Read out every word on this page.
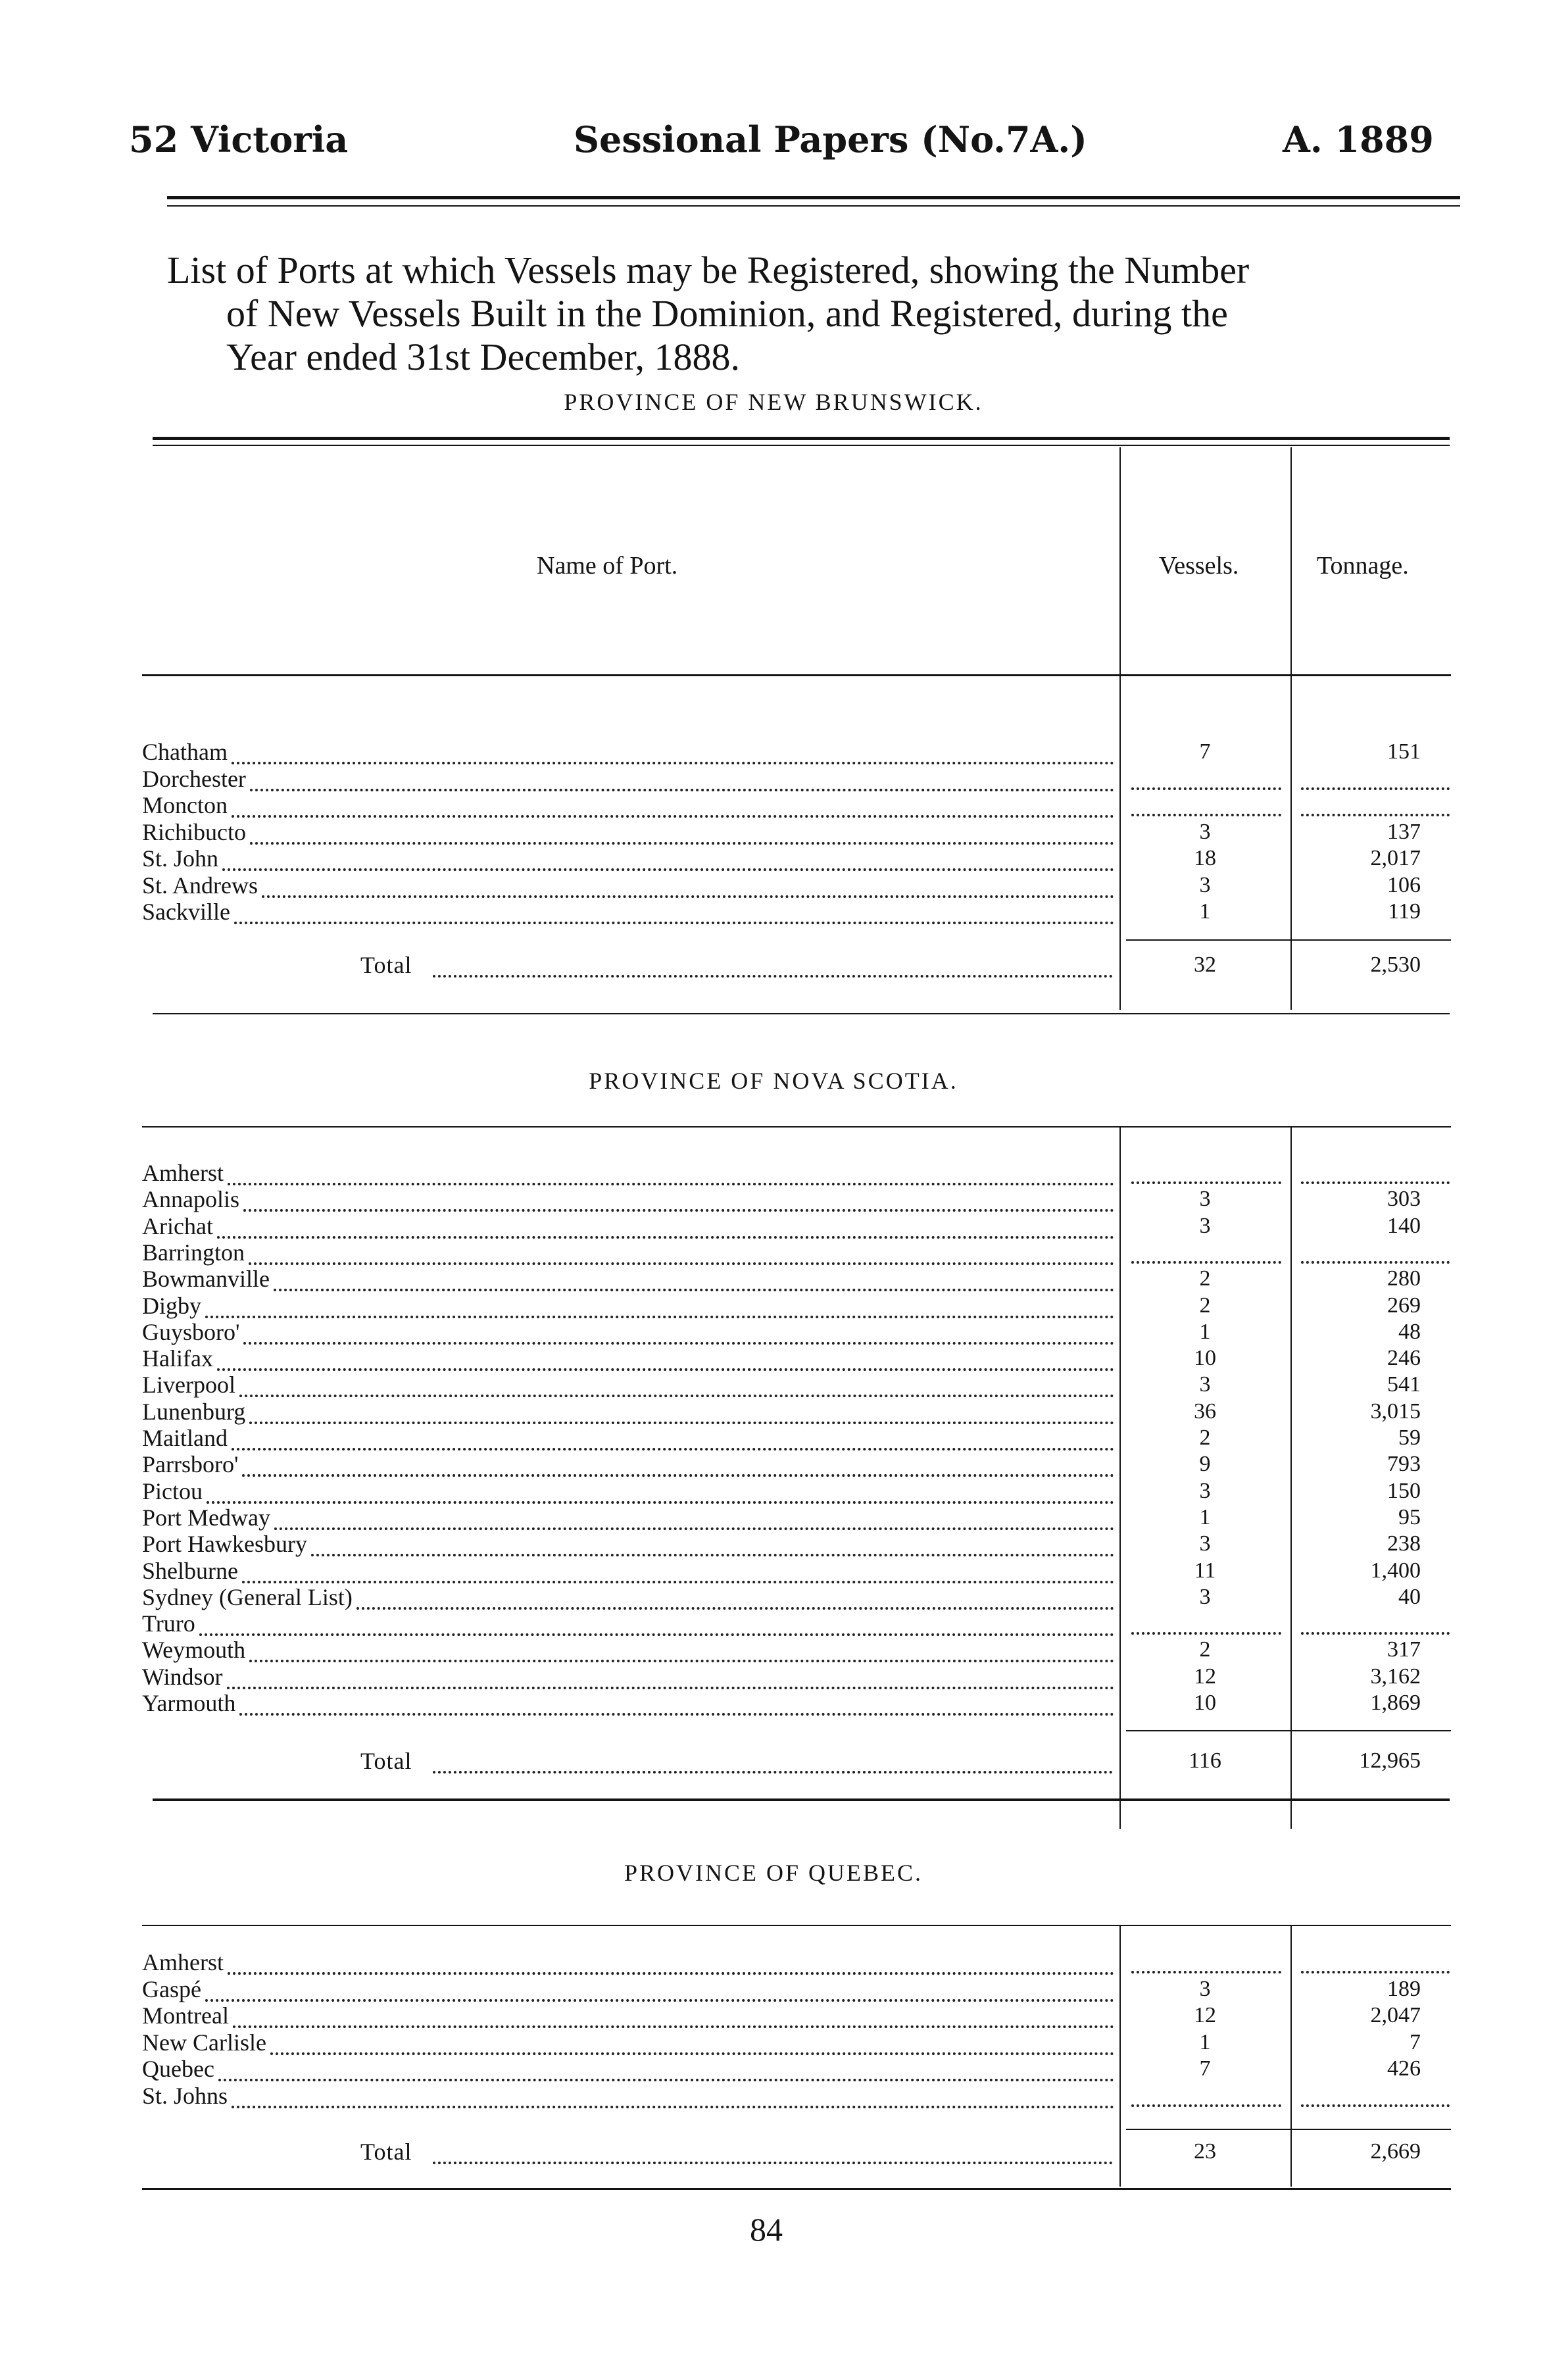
52 Victoria	Sessional Papers (No.7A.)	A. 1889
List of Ports at which Vessels may be Registered, showing the Number
of New Vessels Built in the Dominion, and Registered, during the
Year ended 31st December, 1888.
PROVINCE OF NEW BRUNSWICK.
Name of Port.	Vessels.	Tonnage.
Chatham	7	151
Dorchester
Moncton
Richibucto	3	137
St. John	18	2,017
St. Andrews	3	106
Sackville	1	119
Total	32	2,530
PROVINCE OF NOVA SCOTIA.
Amherst
Annapolis	3	303
Arichat	3	140
Barrington
Bowmanville	2	280
Digby	2	269
Guysboro'	1	48
Halifax	10	246
Liverpool	3	541
Lunenburg	36	3,015
Maitland	2	59
Parrsboro'	9	793
Pictou	3	150
Port Medway	1	95
Port Hawkesbury	3	238
Shelburne	11	1,400
Sydney (General List)	3	40
Truro
Weymouth	2	317
Windsor	12	3,162
Yarmouth	10	1,869
Total	116	12,965
PROVINCE OF QUEBEC.
Amherst
Gaspé	3	189
Montreal	12	2,047
New Carlisle	1	7
Quebec	7	426
St. Johns
Total	23	2,669
84
